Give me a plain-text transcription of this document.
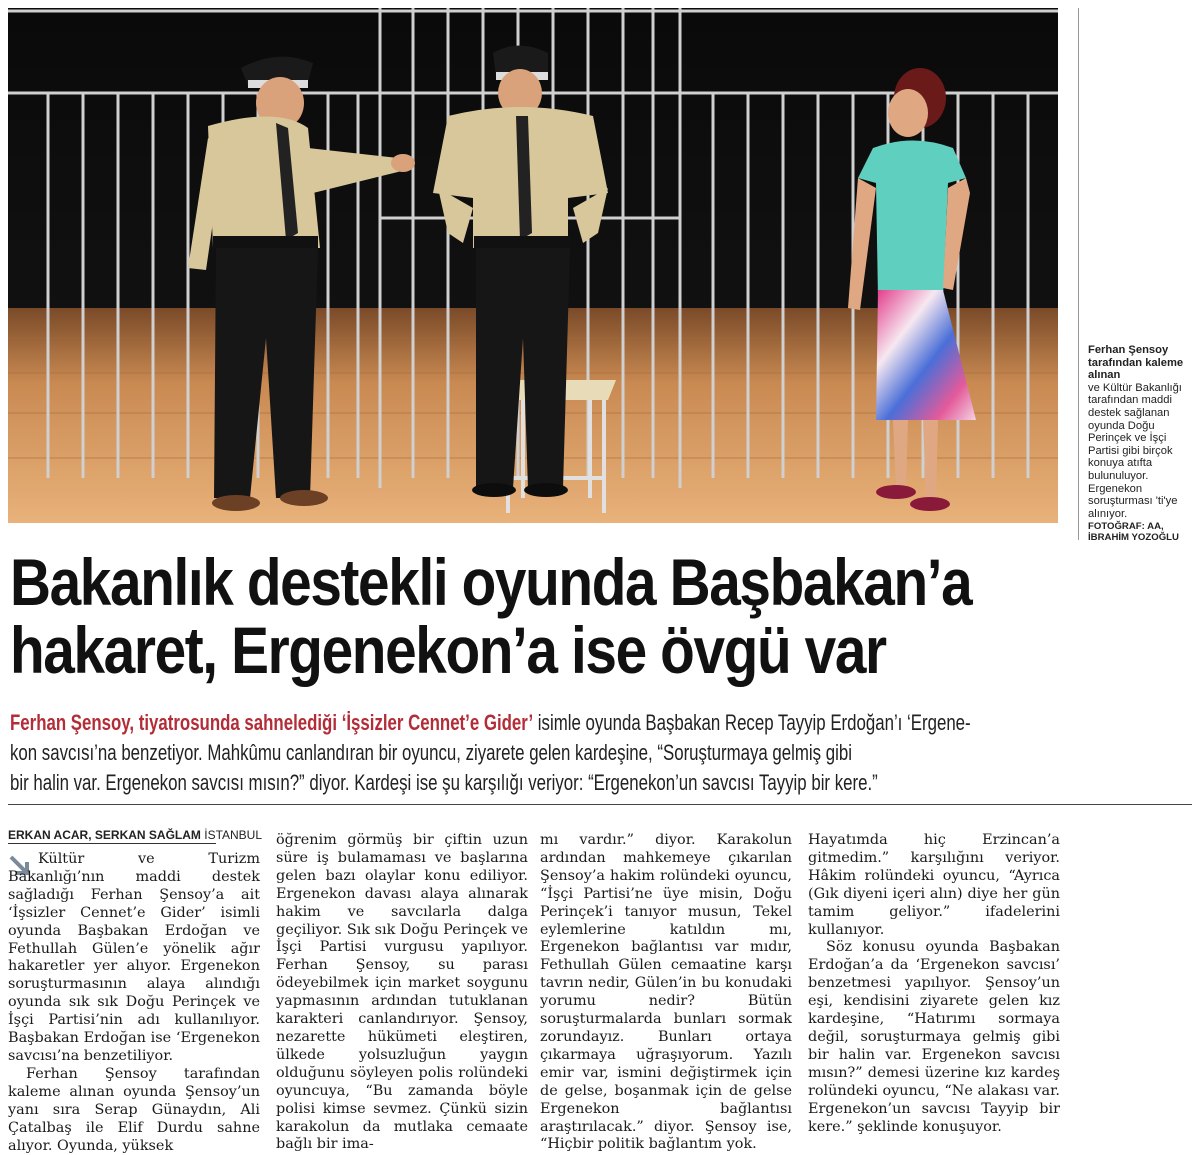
Ferhan Şensoy tarafından kaleme alınan
ve Kültür Bakanlığı tarafından maddi destek sağlanan oyunda Doğu Perinçek ve İşçi Partisi gibi birçok konuya atıfta bulunuluyor. Ergenekon soruşturması 'ti'ye alınıyor.
FOTOĞRAF: AA,
İBRAHİM YOZOĞLU
Bakanlık destekli oyunda Başbakan’a
hakaret, Ergenekon’a ise övgü var
Ferhan Şensoy, tiyatrosunda sahnelediği ‘İşsizler Cennet’e Gider’ isimle oyunda Başbakan Recep Tayyip Erdoğan’ı ‘Ergene-
kon savcısı’na benzetiyor. Mahkûmu canlandıran bir oyuncu, ziyarete gelen kardeşine, “Soruşturmaya gelmiş gibi
bir halin var. Ergenekon savcısı mısın?” diyor. Kardeşi ise şu karşılığı veriyor: “Ergenekon’un savcısı Tayyip bir kere.”
ERKAN ACAR, SERKAN SAĞLAM İSTANBUL

Kültür ve Turizm Bakanlığı’nın maddi destek sağladığı Ferhan Şensoy’a ait ‘İşsizler Cennet’e Gider’ isimli oyunda Başbakan Erdoğan ve Fethullah Gülen’e yönelik ağır hakaretler yer alıyor. Ergenekon soruşturmasının alaya alındığı oyunda sık sık Doğu Perinçek ve İşçi Partisi’nin adı kullanılıyor. Başbakan Erdoğan ise ‘Ergenekon savcısı’na benzetiliyor.

Ferhan Şensoy tarafından kaleme alınan oyunda Şensoy’un yanı sıra Serap Günaydın, Ali Çatalbaş ile Elif Durdu sahne alıyor. Oyunda, yüksek

öğrenim görmüş bir çiftin uzun süre iş bulamaması ve başlarına gelen bazı olaylar konu ediliyor. Ergenekon davası alaya alınarak hakim ve savcılarla dalga geçiliyor. Sık sık Doğu Perinçek ve İşçi Partisi vurgusu yapılıyor. Ferhan Şensoy, su parası ödeyebilmek için market soygunu yapmasının ardından tutuklanan karakteri canlandırıyor. Şensoy, nezarette hükümeti eleştiren, ülkede yolsuzluğun yaygın olduğunu söyleyen polis rolündeki oyuncuya, “Bu zamanda böyle polisi kimse sevmez. Çünkü sizin karakolun da mutlaka cemaate bağlı bir ima-

mı vardır.” diyor. Karakolun ardından mahkemeye çıkarılan Şensoy’a hakim rolündeki oyuncu, “İşçi Partisi’ne üye misin, Doğu Perinçek’i tanıyor musun, Tekel eylemlerine katıldın mı, Ergenekon bağlantısı var mıdır, Fethullah Gülen cemaatine karşı tavrın nedir, Gülen’in bu konudaki yorumu nedir? Bütün soruşturmalarda bunları sormak zorundayız. Bunları ortaya çıkarmaya uğraşıyorum. Yazılı emir var, ismini değiştirmek için de gelse, boşanmak için de gelse Ergenekon bağlantısı araştırılacak.” diyor. Şensoy ise, “Hiçbir politik bağlantım yok.

Hayatımda hiç Erzincan’a gitmedim.” karşılığını veriyor. Hâkim rolündeki oyuncu, “Ayrıca (Gık diyeni içeri alın) diye her gün tamim geliyor.” ifadelerini kullanıyor.

Söz konusu oyunda Başbakan Erdoğan’a da ‘Ergenekon savcısı’ benzetmesi yapılıyor. Şensoy’un eşi, kendisini ziyarete gelen kız kardeşine, “Hatırımı sormaya değil, soruşturmaya gelmiş gibi bir halin var. Ergenekon savcısı mısın?” demesi üzerine kız kardeş rolündeki oyuncu, “Ne alakası var. Ergenekon’un savcısı Tayyip bir kere.” şeklinde konuşuyor.
